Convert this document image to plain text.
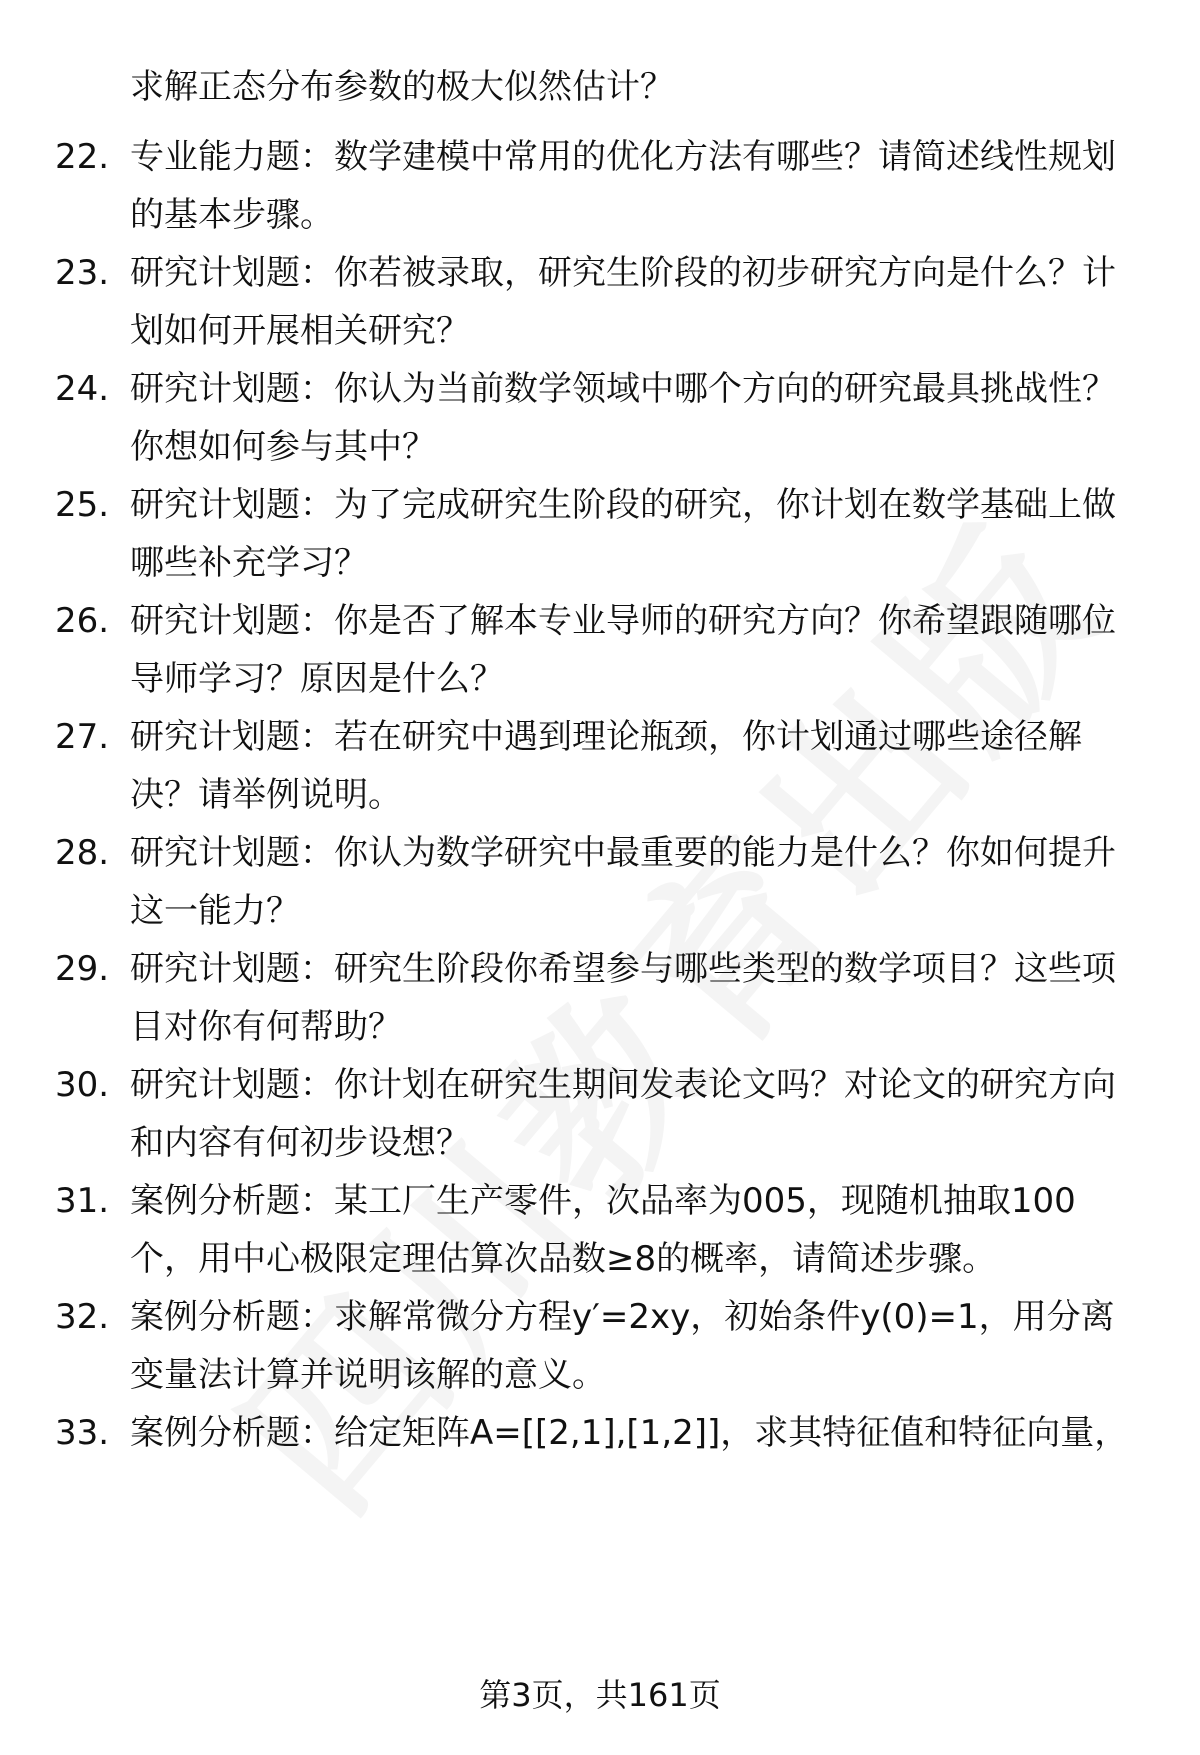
求解正态分布参数的极大似然估计？
22. 专业能力题：数学建模中常用的优化方法有哪些？请简述线性规划的基本步骤。
23. 研究计划题：你若被录取，研究生阶段的初步研究方向是什么？计划如何开展相关研究？
24. 研究计划题：你认为当前数学领域中哪个方向的研究最具挑战性？你想如何参与其中？
25. 研究计划题：为了完成研究生阶段的研究，你计划在数学基础上做哪些补充学习？
26. 研究计划题：你是否了解本专业导师的研究方向？你希望跟随哪位导师学习？原因是什么？
27. 研究计划题：若在研究中遇到理论瓶颈，你计划通过哪些途径解决？请举例说明。
28. 研究计划题：你认为数学研究中最重要的能力是什么？你如何提升这一能力？
29. 研究计划题：研究生阶段你希望参与哪些类型的数学项目？这些项目对你有何帮助？
30. 研究计划题：你计划在研究生期间发表论文吗？对论文的研究方向和内容有何初步设想？
31. 案例分析题：某工厂生产零件，次品率为005，现随机抽取100个，用中心极限定理估算次品数≥8的概率，请简述步骤。
32. 案例分析题：求解常微分方程y′=2xy，初始条件y(0)=1，用分离变量法计算并说明该解的意义。
33. 案例分析题：给定矩阵A=[[2,1],[1,2]]，求其特征值和特征向量，
第3页，共161页
